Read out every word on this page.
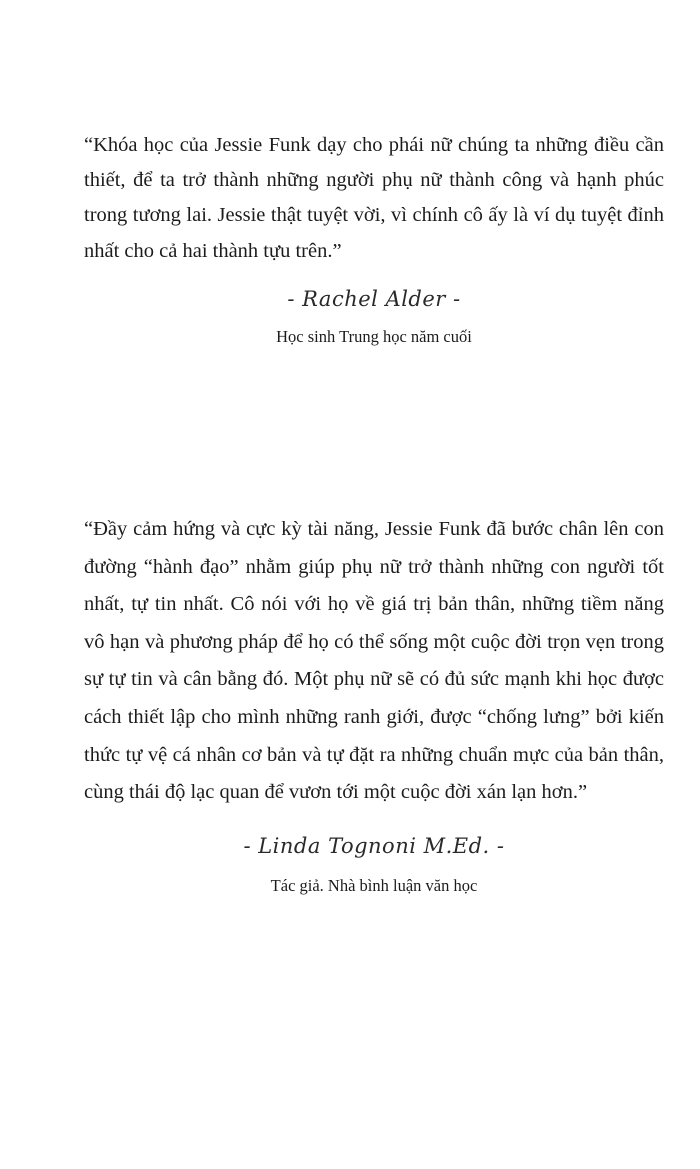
“Khóa học của Jessie Funk dạy cho phái nữ chúng ta những điều cần thiết, để ta trở thành những người phụ nữ thành công và hạnh phúc trong tương lai. Jessie thật tuyệt vời, vì chính cô ấy là ví dụ tuyệt đỉnh nhất cho cả hai thành tựu trên.”

- Rachel Alder -
Học sinh Trung học năm cuối

“Đầy cảm hứng và cực kỳ tài năng, Jessie Funk đã bước chân lên con đường “hành đạo” nhằm giúp phụ nữ trở thành những con người tốt nhất, tự tin nhất. Cô nói với họ về giá trị bản thân, những tiềm năng vô hạn và phương pháp để họ có thể sống một cuộc đời trọn vẹn trong sự tự tin và cân bằng đó. Một phụ nữ sẽ có đủ sức mạnh khi học được cách thiết lập cho mình những ranh giới, được “chống lưng” bởi kiến thức tự vệ cá nhân cơ bản và tự đặt ra những chuẩn mực của bản thân, cùng thái độ lạc quan để vươn tới một cuộc đời xán lạn hơn.”

- Linda Tognoni M.Ed. -
Tác giả. Nhà bình luận văn học
